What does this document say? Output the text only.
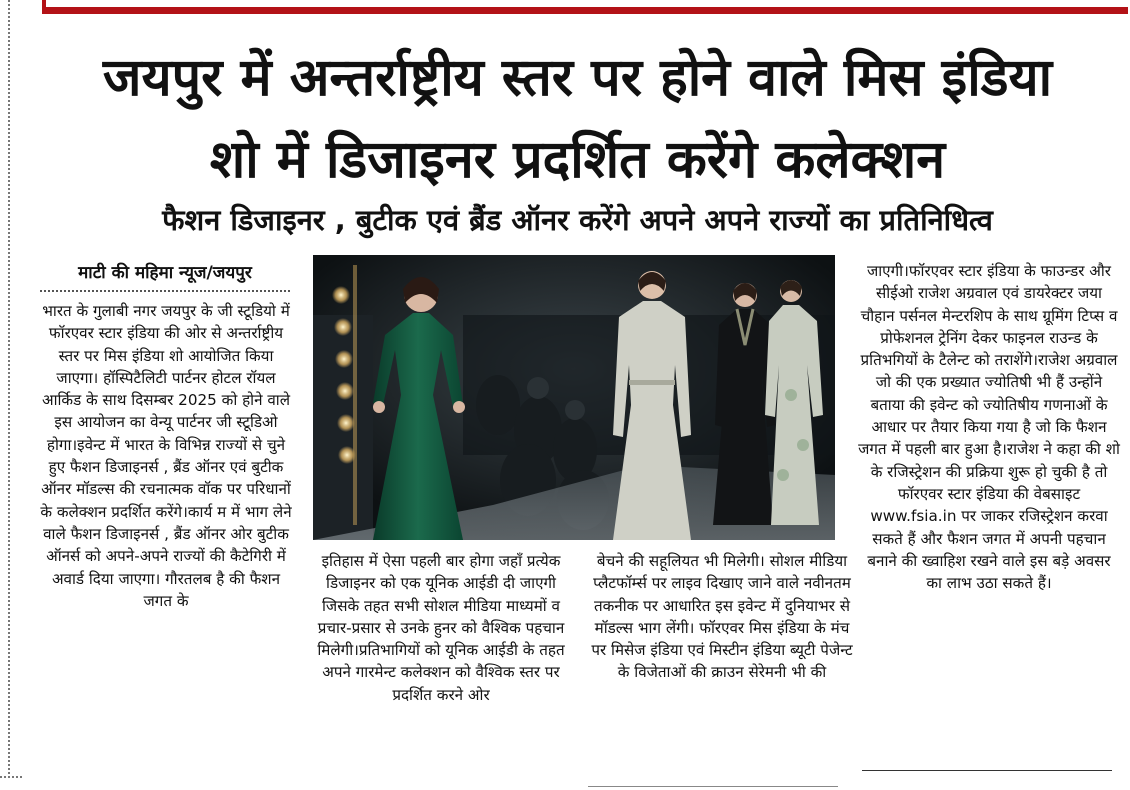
जयपुर में अन्तर्राष्ट्रीय स्तर पर होने वाले मिस इंडिया
शो में डिजाइनर प्रदर्शित करेंगे कलेक्शन
फैशन डिजाइनर , बुटीक एवं ब्रैंड ऑनर करेंगे अपने अपने राज्यों का प्रतिनिधित्व
माटी की महिमा न्यूज/जयपुर

भारत के गुलाबी नगर जयपुर के जी स्टूडियो में फॉरएवर स्टार इंडिया की ओर से अन्तर्राष्ट्रीय स्तर पर मिस इंडिया शो आयोजित किया जाएगा। हॉस्पिटैलिटी पार्टनर होटल रॉयल आर्किड के साथ दिसम्बर 2025 को होने वाले इस आयोजन का वेन्यू पार्टनर जी स्टूडिओ होगा।इवेन्ट में भारत के विभिन्न राज्यों से चुने हुए फैशन डिजाइनर्स , ब्रैंड ऑनर एवं बुटीक ऑनर मॉडल्स की रचनात्मक वॉक पर परिधानों के कलेक्शन प्रदर्शित करेंगे।कार्य म में भाग लेने वाले फैशन डिजाइनर्स , ब्रैंड ऑनर ओर बुटीक ऑनर्स को अपने-अपने राज्यों की कैटेगिरी में अवार्ड दिया जाएगा। गौरतलब है की फैशन जगत के

इतिहास में ऐसा पहली बार होगा जहाँ प्रत्येक डिजाइनर को एक यूनिक आईडी दी जाएगी जिसके तहत सभी सोशल मीडिया माध्यमों व प्रचार-प्रसार से उनके हुनर को वैश्विक पहचान मिलेगी।प्रतिभागियों को यूनिक आईडी के तहत अपने गारमेन्ट कलेक्शन को वैश्विक स्तर पर प्रदर्शित करने ओर

बेचने की सहूलियत भी मिलेगी। सोशल मीडिया प्लैटफॉर्म्स पर लाइव दिखाए जाने वाले नवीनतम तकनीक पर आधारित इस इवेन्ट में दुनियाभर से मॉडल्स भाग लेंगी। फॉरएवर मिस इंडिया के मंच पर मिसेज इंडिया एवं मिस्टीन इंडिया ब्यूटी पेजेन्ट के विजेताओं की क्राउन सेरेमनी भी की

जाएगी।फॉरएवर स्टार इंडिया के फाउन्डर और सीईओ राजेश अग्रवाल एवं डायरेक्टर जया चौहान पर्सनल मेन्टरशिप के साथ ग्रूमिंग टिप्स व प्रोफेशनल ट्रेनिंग देकर फाइनल राउन्ड के प्रतिभगियों के टैलेन्ट को तराशेंगे।राजेश अग्रवाल जो की एक प्रख्यात ज्योतिषी भी हैं उन्होंने बताया की इवेन्ट को ज्योतिषीय गणनाओं के आधार पर तैयार किया गया है जो कि फैशन जगत में पहली बार हुआ है।राजेश ने कहा की शो के रजिस्ट्रेशन की प्रक्रिया शुरू हो चुकी है तो फॉरएवर स्टार इंडिया की वेबसाइट www.fsia.in पर जाकर रजिस्ट्रेशन करवा सकते हैं और फैशन जगत में अपनी पहचान बनाने की ख्वाहिश रखने वाले इस बड़े अवसर का लाभ उठा सकते हैं।
